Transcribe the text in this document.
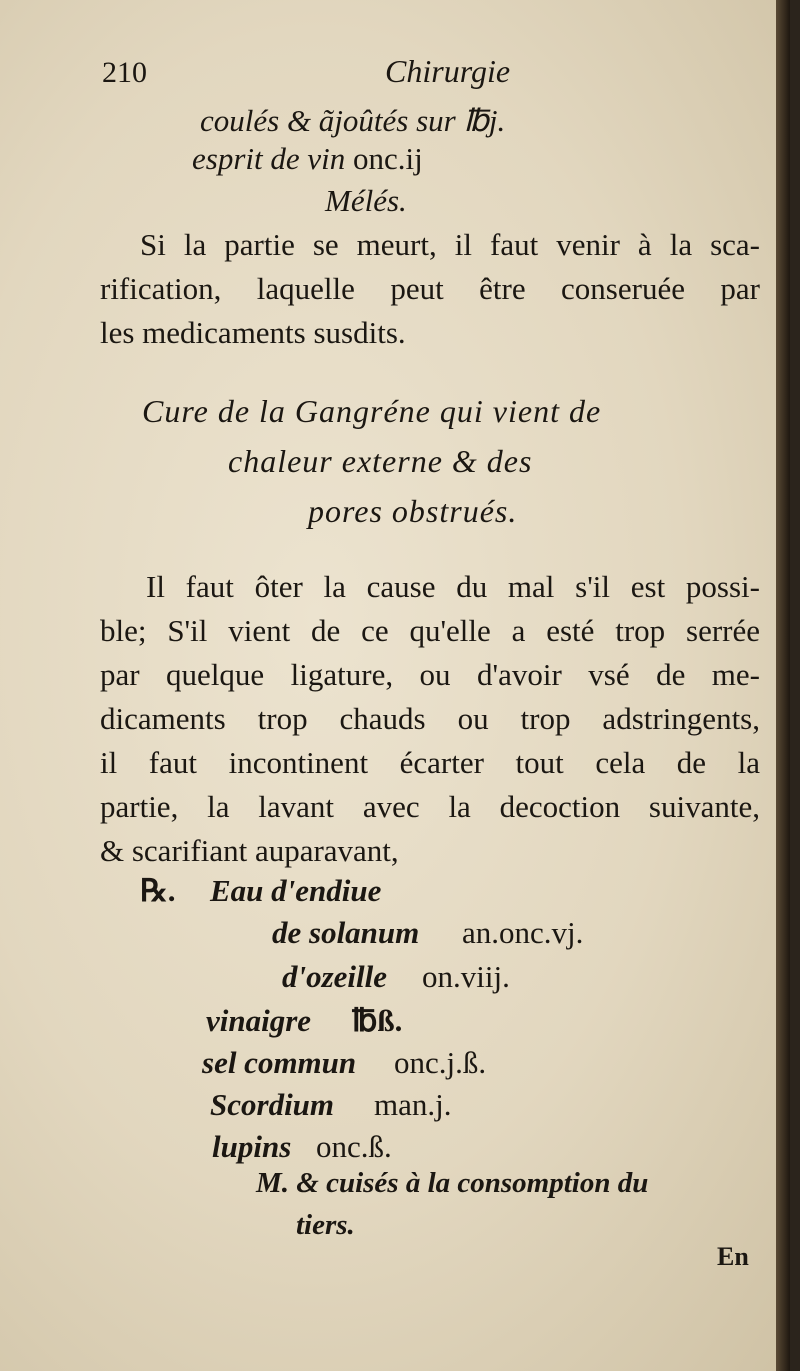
210	Chirurgie
coulés & ãjoûtés sur ℔j.
esprit de vin onc.ij
Mélés.
Si la partie se meurt, il faut venir à la sca-
rification, laquelle peut être conseruée par
les medicaments susdits.
Cure de la Gangréne qui vient de
chaleur externe & des
pores obstrués.
Il faut ôter la cause du mal s'il est possi-
ble; S'il vient de ce qu'elle a esté trop serrée
par quelque ligature, ou d'avoir vsé de me-
dicaments trop chauds ou trop adstringents,
il faut incontinent écarter tout cela de la
partie, la lavant avec la decoction suivante,
& scarifiant auparavant,
℞. Eau d'endiue
de solanum an.onc.vj.
d'ozeille on.viij.
vinaigre ℔ß.
sel commun onc.j.ß.
Scordium man.j.
lupins onc.ß.
M. & cuisés à la consomption du
tiers.
En
